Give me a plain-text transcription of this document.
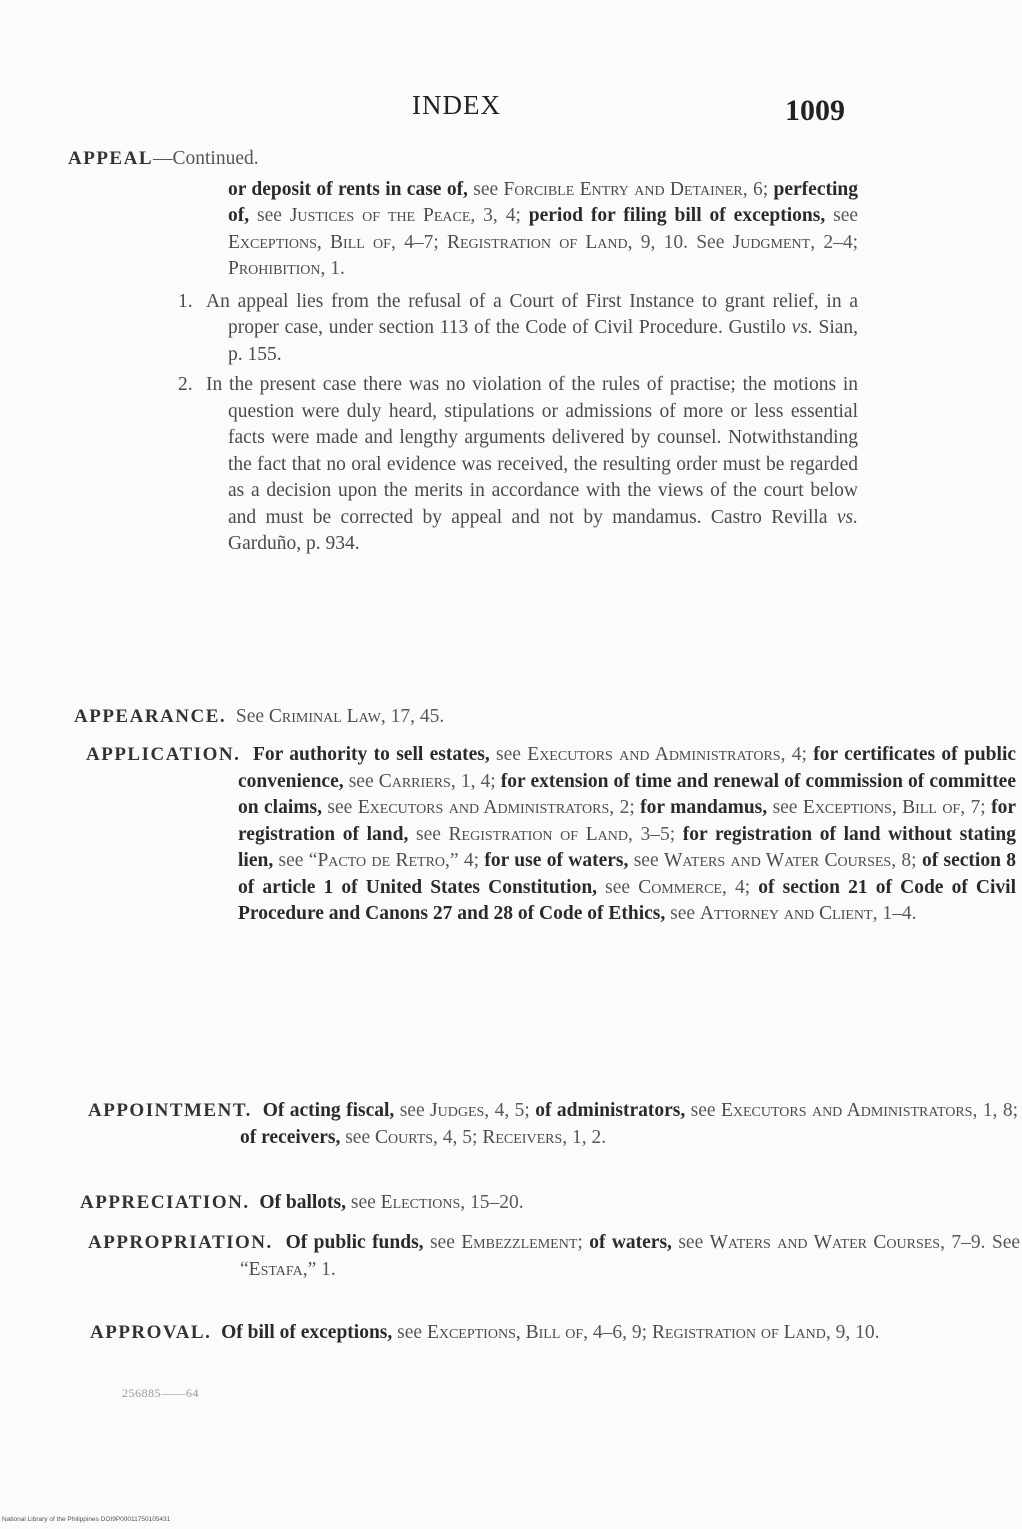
INDEX	1009
APPEAL—Continued.
or deposit of rents in case of, see Forcible Entry and Detainer, 6; perfecting of, see Justices of the Peace, 3, 4; period for filing bill of exceptions, see Exceptions, Bill of, 4–7; Registration of Land, 9, 10. See Judgment, 2–4; Prohibition, 1.
1. An appeal lies from the refusal of a Court of First Instance to grant relief, in a proper case, under section 113 of the Code of Civil Procedure. Gustilo vs. Sian, p. 155.
2. In the present case there was no violation of the rules of practise; the motions in question were duly heard, stipulations or admissions of more or less essential facts were made and lengthy arguments delivered by counsel. Notwithstanding the fact that no oral evidence was received, the resulting order must be regarded as a decision upon the merits in accordance with the views of the court below and must be corrected by appeal and not by mandamus. Castro Revilla vs. Garduño, p. 934.
APPEARANCE. See Criminal Law, 17, 45.
APPLICATION. For authority to sell estates, see Executors and Administrators, 4; for certificates of public convenience, see Carriers, 1, 4; for extension of time and renewal of commission of committee on claims, see Executors and Administrators, 2; for mandamus, see Exceptions, Bill of, 7; for registration of land, see Registration of Land, 3–5; for registration of land without stating lien, see “Pacto de Retro,” 4; for use of waters, see Waters and Water Courses, 8; of section 8 of article 1 of United States Constitution, see Commerce, 4; of section 21 of Code of Civil Procedure and Canons 27 and 28 of Code of Ethics, see Attorney and Client, 1–4.
APPOINTMENT. Of acting fiscal, see Judges, 4, 5; of administrators, see Executors and Administrators, 1, 8; of receivers, see Courts, 4, 5; Receivers, 1, 2.
APPRECIATION. Of ballots, see Elections, 15–20.
APPROPRIATION. Of public funds, see Embezzlement; of waters, see Waters and Water Courses, 7–9. See “Estafa,” 1.
APPROVAL. Of bill of exceptions, see Exceptions, Bill of, 4–6, 9; Registration of Land, 9, 10.
256885——64
National Library of the Philippines DOI9P00011750105431
